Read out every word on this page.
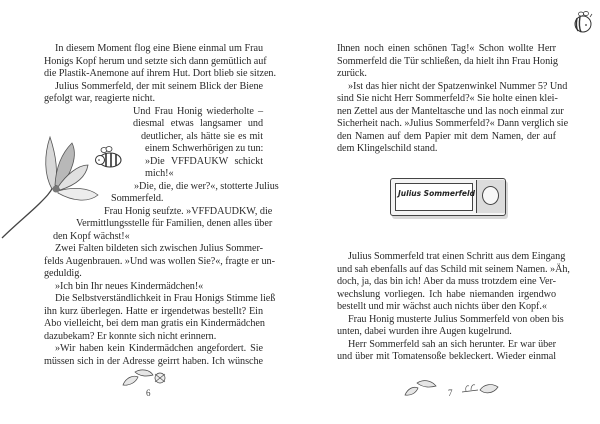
In diesem Moment flog eine Biene einmal um Frau
Honigs Kopf herum und setzte sich dann gemütlich auf
die Plastik-Anemone auf ihrem Hut. Dort blieb sie sitzen.
Julius Sommerfeld, der mit seinem Blick der Biene
gefolgt war, reagierte nicht.
Und Frau Honig wiederholte –
diesmal etwas langsamer und
deutlicher, als hätte sie es mit
einem Schwerhörigen zu tun:
»Die VFFDAUKW schickt
mich!«
»Die, die, die wer?«, stotterte Julius
Sommerfeld.
Frau Honig seufzte. »VFFDAUDKW, die
Vermittlungsstelle für Familien, denen alles über
den Kopf wächst!«
Zwei Falten bildeten sich zwischen Julius Sommer-
felds Augenbrauen. »Und was wollen Sie?«, fragte er un-
geduldig.
»Ich bin Ihr neues Kindermädchen!«
Die Selbstverständlichkeit in Frau Honigs Stimme ließ
ihn kurz überlegen. Hatte er irgendetwas bestellt? Ein
Abo vielleicht, bei dem man gratis ein Kindermädchen
dazubekam? Er konnte sich nicht erinnern.
»Wir haben kein Kindermädchen angefordert. Sie
müssen sich in der Adresse geirrt haben. Ich wünsche
6
Ihnen noch einen schönen Tag!« Schon wollte Herr
Sommerfeld die Tür schließen, da hielt ihn Frau Honig
zurück.
»Ist das hier nicht der Spatzenwinkel Nummer 5? Und
sind Sie nicht Herr Sommerfeld?« Sie holte einen klei-
nen Zettel aus der Manteltasche und las noch einmal zur
Sicherheit nach. »Julius Sommerfeld?« Dann verglich sie
den Namen auf dem Papier mit dem Namen, der auf
dem Klingelschild stand.
Julius Sommerfeld
Julius Sommerfeld trat einen Schritt aus dem Eingang
und sah ebenfalls auf das Schild mit seinem Namen. »Äh,
doch, ja, das bin ich! Aber da muss trotzdem eine Ver-
wechslung vorliegen. Ich habe niemanden irgendwo
bestellt und mir wächst auch nichts über den Kopf.«
Frau Honig musterte Julius Sommerfeld von oben bis
unten, dabei wurden ihre Augen kugelrund.
Herr Sommerfeld sah an sich herunter. Er war über
und über mit Tomatensoße bekleckert. Wieder einmal
7
